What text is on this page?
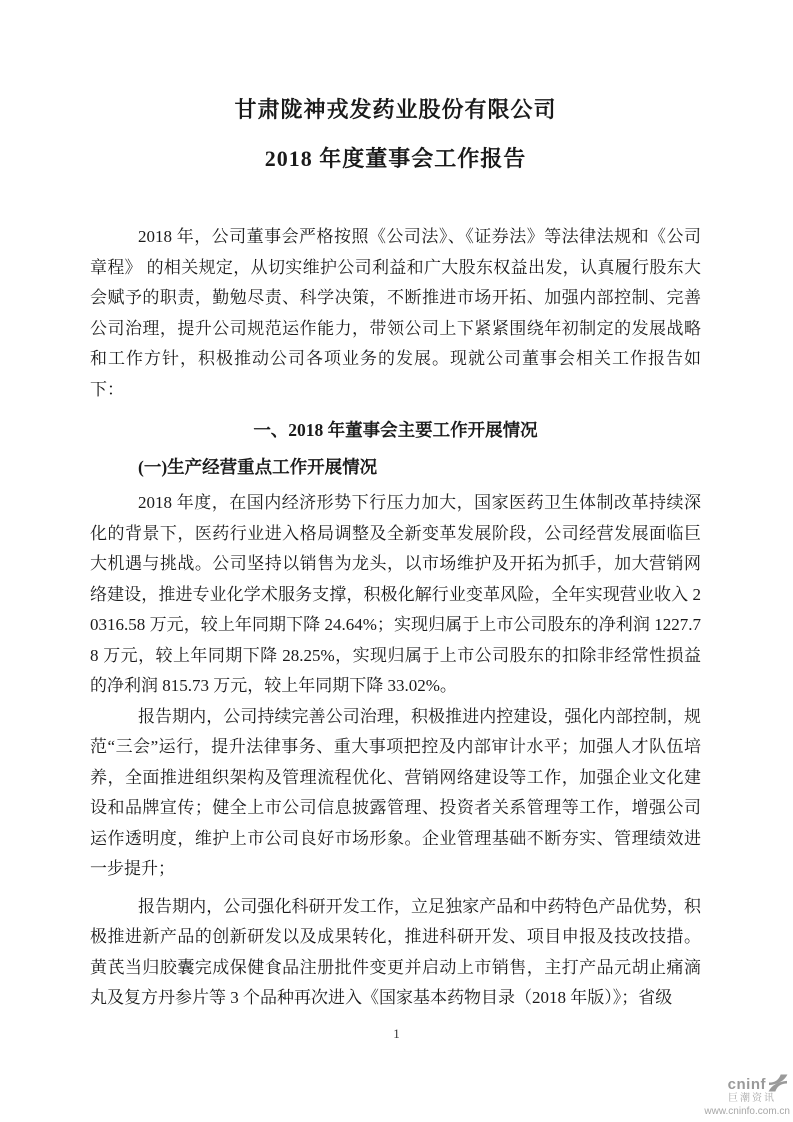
甘肃陇神戎发药业股份有限公司
2018 年度董事会工作报告

2018 年，公司董事会严格按照《公司法》、《证券法》等法律法规和《公司章程》 的相关规定，从切实维护公司利益和广大股东权益出发，认真履行股东大会赋予的职责，勤勉尽责、科学决策，不断推进市场开拓、加强内部控制、完善公司治理，提升公司规范运作能力，带领公司上下紧紧围绕年初制定的发展战略和工作方针，积极推动公司各项业务的发展。现就公司董事会相关工作报告如下：

一、2018 年董事会主要工作开展情况
(一)生产经营重点工作开展情况

2018 年度，在国内经济形势下行压力加大，国家医药卫生体制改革持续深化的背景下，医药行业进入格局调整及全新变革发展阶段，公司经营发展面临巨大机遇与挑战。公司坚持以销售为龙头，以市场维护及开拓为抓手，加大营销网络建设，推进专业化学术服务支撑，积极化解行业变革风险，全年实现营业收入 20316.58 万元，较上年同期下降 24.64%；实现归属于上市公司股东的净利润 1227.78 万元，较上年同期下降 28.25%，实现归属于上市公司股东的扣除非经常性损益的净利润 815.73 万元，较上年同期下降 33.02%。

报告期内，公司持续完善公司治理，积极推进内控建设，强化内部控制，规范“三会”运行，提升法律事务、重大事项把控及内部审计水平；加强人才队伍培养，全面推进组织架构及管理流程优化、营销网络建设等工作，加强企业文化建设和品牌宣传；健全上市公司信息披露管理、投资者关系管理等工作，增强公司运作透明度，维护上市公司良好市场形象。企业管理基础不断夯实、管理绩效进一步提升；

报告期内，公司强化科研开发工作，立足独家产品和中药特色产品优势，积极推进新产品的创新研发以及成果转化，推进科研开发、项目申报及技改技措。黄芪当归胶囊完成保健食品注册批件变更并启动上市销售，主打产品元胡止痛滴丸及复方丹参片等 3 个品种再次进入《国家基本药物目录（2018 年版）》；省级

1
cninf
巨潮资讯
www.cninfo.com.cn
